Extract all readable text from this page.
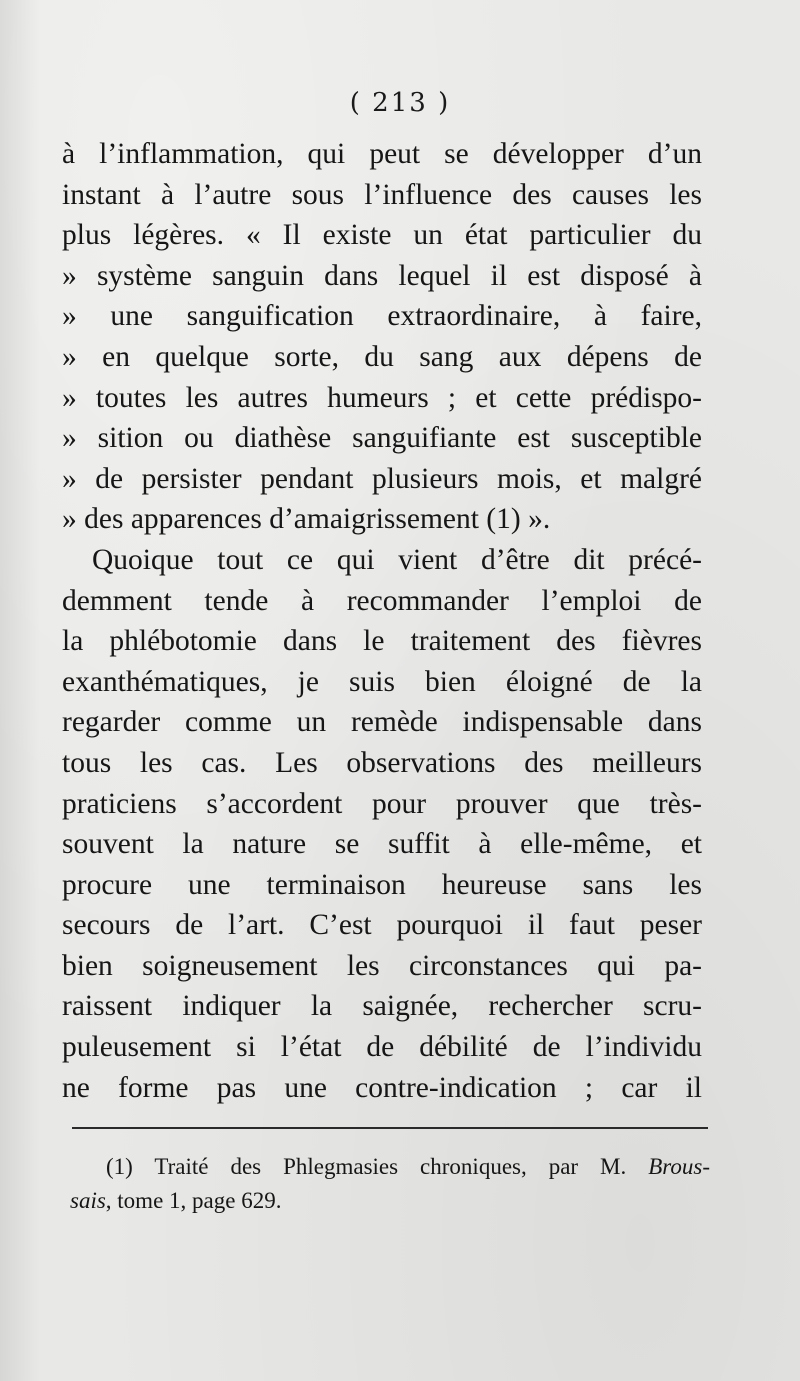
( 213 )
à l’inflammation, qui peut se développer d’un
instant à l’autre sous l’influence des causes les
plus légères. « Il existe un état particulier du
» système sanguin dans lequel il est disposé à
» une sanguification extraordinaire, à faire,
» en quelque sorte, du sang aux dépens de
» toutes les autres humeurs ; et cette prédispo-
» sition ou diathèse sanguifiante est susceptible
» de persister pendant plusieurs mois, et malgré
» des apparences d’amaigrissement (1) ».
Quoique tout ce qui vient d’être dit précé-
demment tende à recommander l’emploi de
la phlébotomie dans le traitement des fièvres
exanthématiques, je suis bien éloigné de la
regarder comme un remède indispensable dans
tous les cas. Les observations des meilleurs
praticiens s’accordent pour prouver que très-
souvent la nature se suffit à elle-même, et
procure une terminaison heureuse sans les
secours de l’art. C’est pourquoi il faut peser
bien soigneusement les circonstances qui pa-
raissent indiquer la saignée, rechercher scru-
puleusement si l’état de débilité de l’individu
ne forme pas une contre-indication ; car il
(1) Traité des Phlegmasies chroniques, par M. Brous-
sais, tome 1, page 629.
